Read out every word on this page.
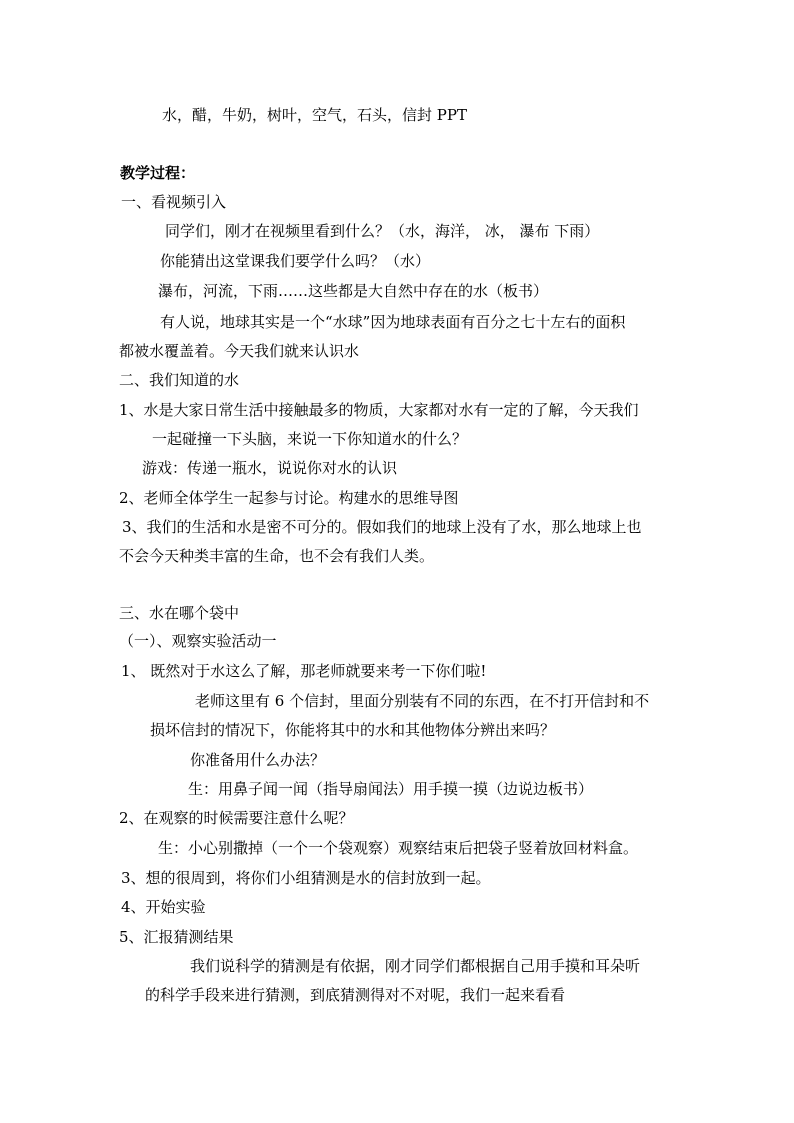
水，醋，牛奶，树叶，空气，石头，信封 PPT
教学过程：
一、看视频引入
同学们，刚才在视频里看到什么？（水，海洋， 冰， 瀑布 下雨）
你能猜出这堂课我们要学什么吗？（水）
瀑布，河流，下雨……这些都是大自然中存在的水（板书）
有人说，地球其实是一个“水球”因为地球表面有百分之七十左右的面积
都被水覆盖着。今天我们就来认识水
二、我们知道的水
1、水是大家日常生活中接触最多的物质，大家都对水有一定的了解，今天我们
一起碰撞一下头脑，来说一下你知道水的什么？
游戏：传递一瓶水，说说你对水的认识
2、老师全体学生一起参与讨论。构建水的思维导图
3、我们的生活和水是密不可分的。假如我们的地球上没有了水，那么地球上也
不会今天种类丰富的生命，也不会有我们人类。
三、水在哪个袋中
（一）、观察实验活动一
1、 既然对于水这么了解，那老师就要来考一下你们啦!
老师这里有 6 个信封，里面分别装有不同的东西，在不打开信封和不
损坏信封的情况下，你能将其中的水和其他物体分辨出来吗？
你准备用什么办法？
生：用鼻子闻一闻（指导扇闻法）用手摸一摸（边说边板书）
2、在观察的时候需要注意什么呢？
生：小心别撒掉（一个一个袋观察）观察结束后把袋子竖着放回材料盒。
3、想的很周到，将你们小组猜测是水的信封放到一起。
4、开始实验
5、汇报猜测结果
我们说科学的猜测是有依据，刚才同学们都根据自己用手摸和耳朵听
的科学手段来进行猜测，到底猜测得对不对呢，我们一起来看看
